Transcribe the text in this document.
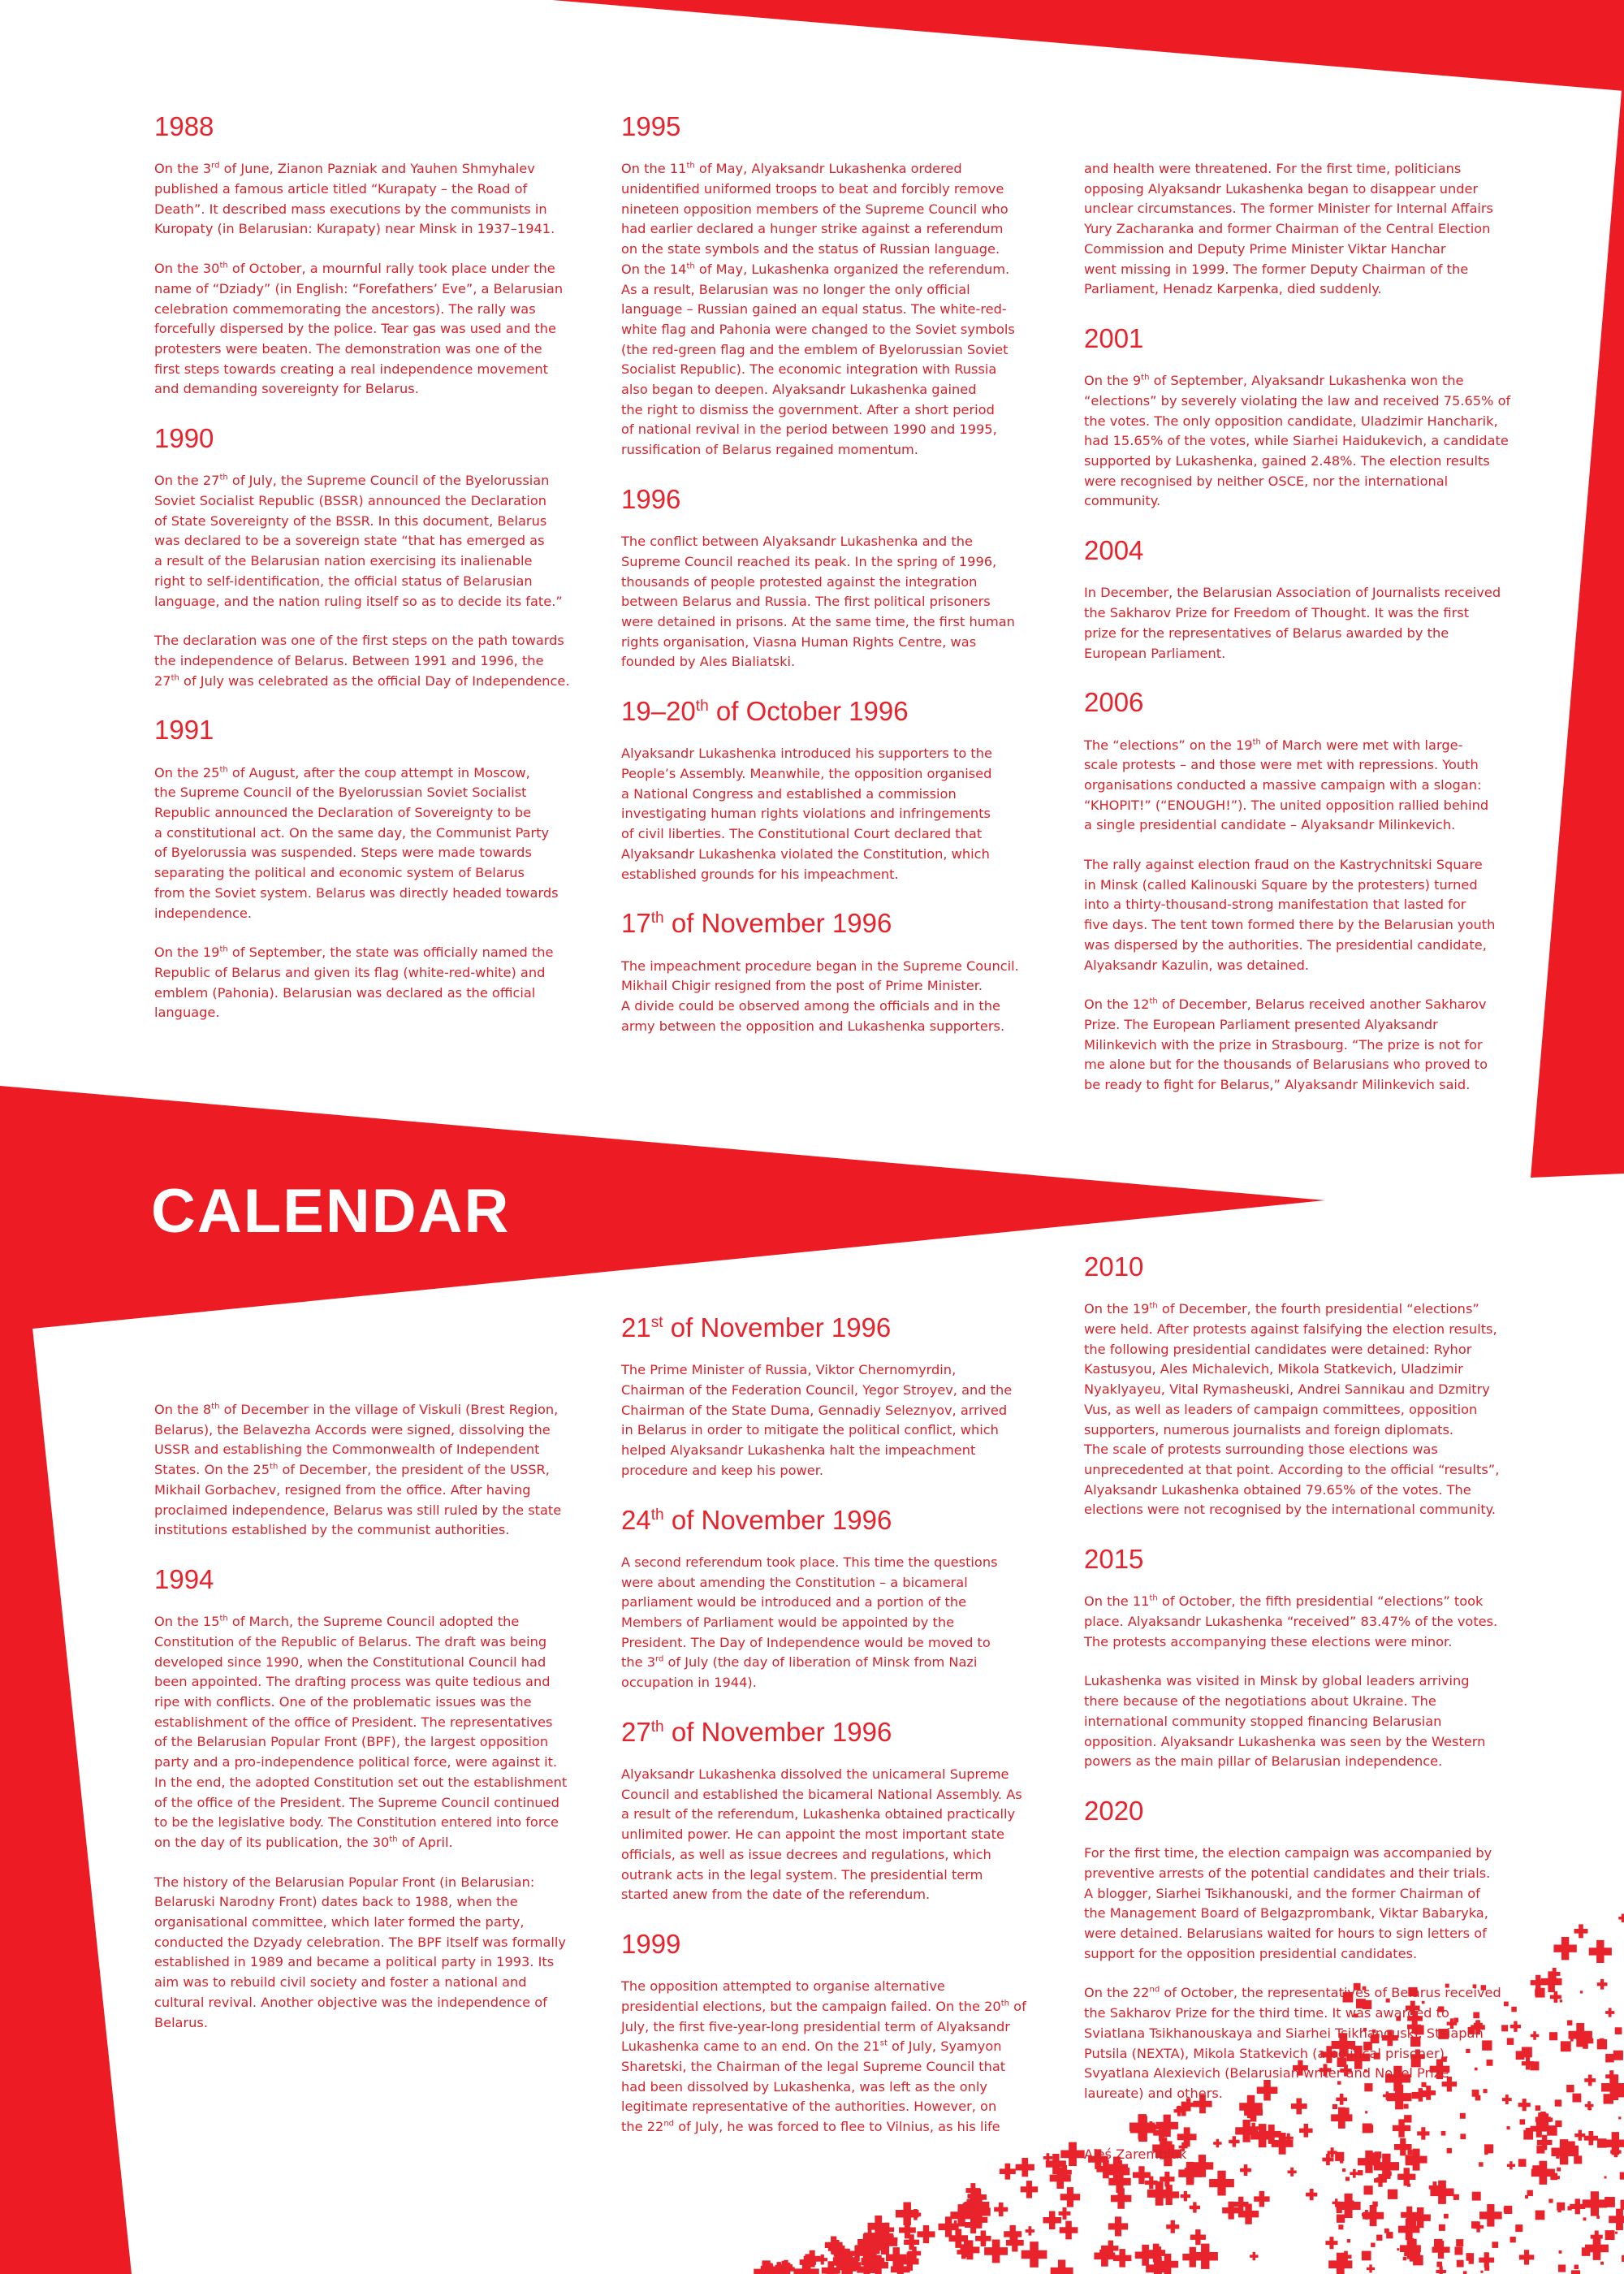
CALENDAR
1988
On the 3rd of June, Zianon Pazniak and Yauhen Shmyhalev
published a famous article titled “Kurapaty – the Road of
Death”. It described mass executions by the communists in
Kuropaty (in Belarusian: Kurapaty) near Minsk in 1937–1941.
On the 30th of October, a mournful rally took place under the
name of “Dziady” (in English: “Forefathers’ Eve”, a Belarusian
celebration commemorating the ancestors). The rally was
forcefully dispersed by the police. Tear gas was used and the
protesters were beaten. The demonstration was one of the
first steps towards creating a real independence movement
and demanding sovereignty for Belarus.
1990
On the 27th of July, the Supreme Council of the Byelorussian
Soviet Socialist Republic (BSSR) announced the Declaration
of State Sovereignty of the BSSR. In this document, Belarus
was declared to be a sovereign state “that has emerged as
a result of the Belarusian nation exercising its inalienable
right to self-identification, the official status of Belarusian
language, and the nation ruling itself so as to decide its fate.”
The declaration was one of the first steps on the path towards
the independence of Belarus. Between 1991 and 1996, the
27th of July was celebrated as the official Day of Independence.
1991
On the 25th of August, after the coup attempt in Moscow,
the Supreme Council of the Byelorussian Soviet Socialist
Republic announced the Declaration of Sovereignty to be
a constitutional act. On the same day, the Communist Party
of Byelorussia was suspended. Steps were made towards
separating the political and economic system of Belarus
from the Soviet system. Belarus was directly headed towards
independence.
On the 19th of September, the state was officially named the
Republic of Belarus and given its flag (white-red-white) and
emblem (Pahonia). Belarusian was declared as the official
language.
1995
On the 11th of May, Alyaksandr Lukashenka ordered
unidentified uniformed troops to beat and forcibly remove
nineteen opposition members of the Supreme Council who
had earlier declared a hunger strike against a referendum
on the state symbols and the status of Russian language.
On the 14th of May, Lukashenka organized the referendum.
As a result, Belarusian was no longer the only official
language – Russian gained an equal status. The white-red-
white flag and Pahonia were changed to the Soviet symbols
(the red-green flag and the emblem of Byelorussian Soviet
Socialist Republic). The economic integration with Russia
also began to deepen. Alyaksandr Lukashenka gained
the right to dismiss the government. After a short period
of national revival in the period between 1990 and 1995,
russification of Belarus regained momentum.
1996
The conflict between Alyaksandr Lukashenka and the
Supreme Council reached its peak. In the spring of 1996,
thousands of people protested against the integration
between Belarus and Russia. The first political prisoners
were detained in prisons. At the same time, the first human
rights organisation, Viasna Human Rights Centre, was
founded by Ales Bialiatski.
19–20th of October 1996
Alyaksandr Lukashenka introduced his supporters to the
People’s Assembly. Meanwhile, the opposition organised
a National Congress and established a commission
investigating human rights violations and infringements
of civil liberties. The Constitutional Court declared that
Alyaksandr Lukashenka violated the Constitution, which
established grounds for his impeachment.
17th of November 1996
The impeachment procedure began in the Supreme Council.
Mikhail Chigir resigned from the post of Prime Minister.
A divide could be observed among the officials and in the
army between the opposition and Lukashenka supporters.
and health were threatened. For the first time, politicians
opposing Alyaksandr Lukashenka began to disappear under
unclear circumstances. The former Minister for Internal Affairs
Yury Zacharanka and former Chairman of the Central Election
Commission and Deputy Prime Minister Viktar Hanchar
went missing in 1999. The former Deputy Chairman of the
Parliament, Henadz Karpenka, died suddenly.
2001
On the 9th of September, Alyaksandr Lukashenka won the
“elections” by severely violating the law and received 75.65% of
the votes. The only opposition candidate, Uladzimir Hancharik,
had 15.65% of the votes, while Siarhei Haidukevich, a candidate
supported by Lukashenka, gained 2.48%. The election results
were recognised by neither OSCE, nor the international
community.
2004
In December, the Belarusian Association of Journalists received
the Sakharov Prize for Freedom of Thought. It was the first
prize for the representatives of Belarus awarded by the
European Parliament.
2006
The “elections” on the 19th of March were met with large-
scale protests – and those were met with repressions. Youth
organisations conducted a massive campaign with a slogan:
“KHOPIT!” (“ENOUGH!”). The united opposition rallied behind
a single presidential candidate – Alyaksandr Milinkevich.
The rally against election fraud on the Kastrychnitski Square
in Minsk (called Kalinouski Square by the protesters) turned
into a thirty-thousand-strong manifestation that lasted for
five days. The tent town formed there by the Belarusian youth
was dispersed by the authorities. The presidential candidate,
Alyaksandr Kazulin, was detained.
On the 12th of December, Belarus received another Sakharov
Prize. The European Parliament presented Alyaksandr
Milinkevich with the prize in Strasbourg. “The prize is not for
me alone but for the thousands of Belarusians who proved to
be ready to fight for Belarus,” Alyaksandr Milinkevich said.
On the 8th of December in the village of Viskuli (Brest Region,
Belarus), the Belavezha Accords were signed, dissolving the
USSR and establishing the Commonwealth of Independent
States. On the 25th of December, the president of the USSR,
Mikhail Gorbachev, resigned from the office. After having
proclaimed independence, Belarus was still ruled by the state
institutions established by the communist authorities.
1994
On the 15th of March, the Supreme Council adopted the
Constitution of the Republic of Belarus. The draft was being
developed since 1990, when the Constitutional Council had
been appointed. The drafting process was quite tedious and
ripe with conflicts. One of the problematic issues was the
establishment of the office of President. The representatives
of the Belarusian Popular Front (BPF), the largest opposition
party and a pro-independence political force, were against it.
In the end, the adopted Constitution set out the establishment
of the office of the President. The Supreme Council continued
to be the legislative body. The Constitution entered into force
on the day of its publication, the 30th of April.
The history of the Belarusian Popular Front (in Belarusian:
Belaruski Narodny Front) dates back to 1988, when the
organisational committee, which later formed the party,
conducted the Dzyady celebration. The BPF itself was formally
established in 1989 and became a political party in 1993. Its
aim was to rebuild civil society and foster a national and
cultural revival. Another objective was the independence of
Belarus.
21st of November 1996
The Prime Minister of Russia, Viktor Chernomyrdin,
Chairman of the Federation Council, Yegor Stroyev, and the
Chairman of the State Duma, Gennadiy Seleznyov, arrived
in Belarus in order to mitigate the political conflict, which
helped Alyaksandr Lukashenka halt the impeachment
procedure and keep his power.
24th of November 1996
A second referendum took place. This time the questions
were about amending the Constitution – a bicameral
parliament would be introduced and a portion of the
Members of Parliament would be appointed by the
President. The Day of Independence would be moved to
the 3rd of July (the day of liberation of Minsk from Nazi
occupation in 1944).
27th of November 1996
Alyaksandr Lukashenka dissolved the unicameral Supreme
Council and established the bicameral National Assembly. As
a result of the referendum, Lukashenka obtained practically
unlimited power. He can appoint the most important state
officials, as well as issue decrees and regulations, which
outrank acts in the legal system. The presidential term
started anew from the date of the referendum.
1999
The opposition attempted to organise alternative
presidential elections, but the campaign failed. On the 20th of
July, the first five-year-long presidential term of Alyaksandr
Lukashenka came to an end. On the 21st of July, Syamyon
Sharetski, the Chairman of the legal Supreme Council that
had been dissolved by Lukashenka, was left as the only
legitimate representative of the authorities. However, on
the 22nd of July, he was forced to flee to Vilnius, as his life
2010
On the 19th of December, the fourth presidential “elections”
were held. After protests against falsifying the election results,
the following presidential candidates were detained: Ryhor
Kastusyou, Ales Michalevich, Mikola Statkevich, Uladzimir
Nyaklyayeu, Vital Rymasheuski, Andrei Sannikau and Dzmitry
Vus, as well as leaders of campaign committees, opposition
supporters, numerous journalists and foreign diplomats.
The scale of protests surrounding those elections was
unprecedented at that point. According to the official “results”,
Alyaksandr Lukashenka obtained 79.65% of the votes. The
elections were not recognised by the international community.
2015
On the 11th of October, the fifth presidential “elections” took
place. Alyaksandr Lukashenka “received” 83.47% of the votes.
The protests accompanying these elections were minor.
Lukashenka was visited in Minsk by global leaders arriving
there because of the negotiations about Ukraine. The
international community stopped financing Belarusian
opposition. Alyaksandr Lukashenka was seen by the Western
powers as the main pillar of Belarusian independence.
2020
For the first time, the election campaign was accompanied by
preventive arrests of the potential candidates and their trials.
A blogger, Siarhei Tsikhanouski, and the former Chairman of
the Management Board of Belgazprombank, Viktar Babaryka,
were detained. Belarusians waited for hours to sign letters of
support for the opposition presidential candidates.
On the 22nd of October, the representatives of Belarus received
the Sakharov Prize for the third time. It was awarded to
Sviatlana Tsikhanouskaya and Siarhei Tsikhanouski, Stsiapan
Putsila (NEXTA), Mikola Statkevich (a political prisoner),
Svyatlana Alexievich (Belarusian writer and Nobel Prize
laureate) and others.
Aleś Zarembiuk
